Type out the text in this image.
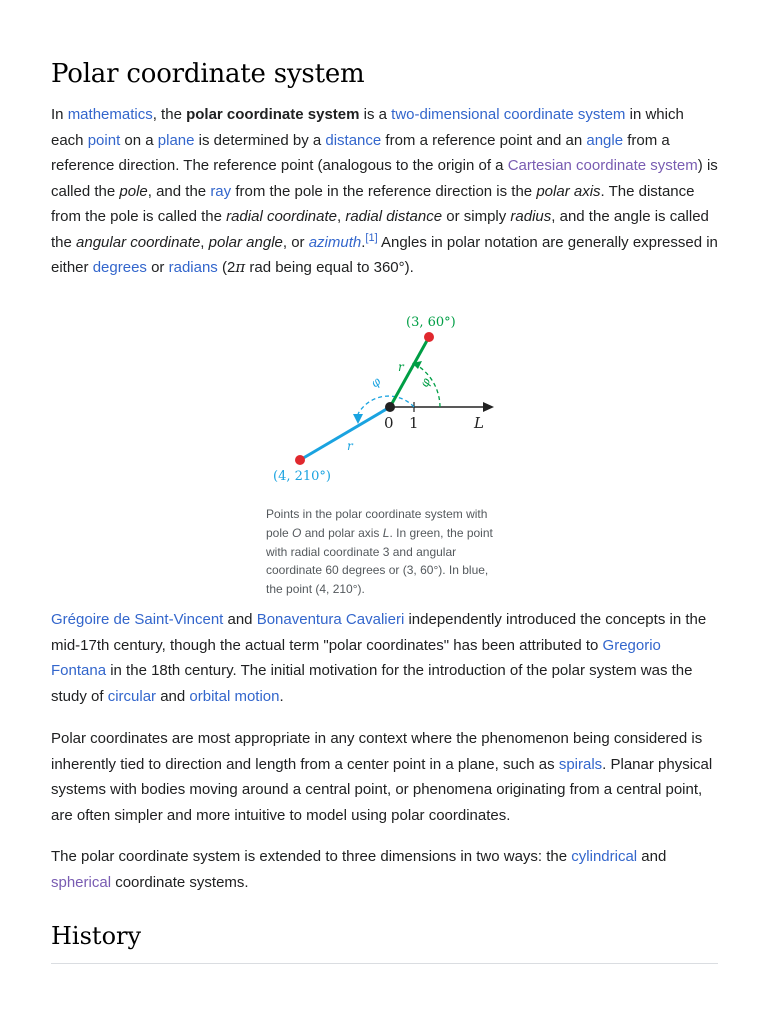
Polar coordinate system

In mathematics, the polar coordinate system is a two-dimensional coordinate system in which each point on a plane is determined by a distance from a reference point and an angle from a reference direction. The reference point (analogous to the origin of a Cartesian coordinate system) is called the pole, and the ray from the pole in the reference direction is the polar axis. The distance from the pole is called the radial coordinate, radial distance or simply radius, and the angle is called the angular coordinate, polar angle, or azimuth.[1] Angles in polar notation are generally expressed in either degrees or radians (2π rad being equal to 360°).

(3, 60°)
(4, 210°)
r
r
φ
φ
0 1	L
Points in the polar coordinate system with pole O and polar axis L. In green, the point with radial coordinate 3 and angular coordinate 60 degrees or (3, 60°). In blue, the point (4, 210°).

Grégoire de Saint-Vincent and Bonaventura Cavalieri independently introduced the concepts in the mid-17th century, though the actual term "polar coordinates" has been attributed to Gregorio Fontana in the 18th century. The initial motivation for the introduction of the polar system was the study of circular and orbital motion.

Polar coordinates are most appropriate in any context where the phenomenon being considered is inherently tied to direction and length from a center point in a plane, such as spirals. Planar physical systems with bodies moving around a central point, or phenomena originating from a central point, are often simpler and more intuitive to model using polar coordinates.

The polar coordinate system is extended to three dimensions in two ways: the cylindrical and spherical coordinate systems.

History
